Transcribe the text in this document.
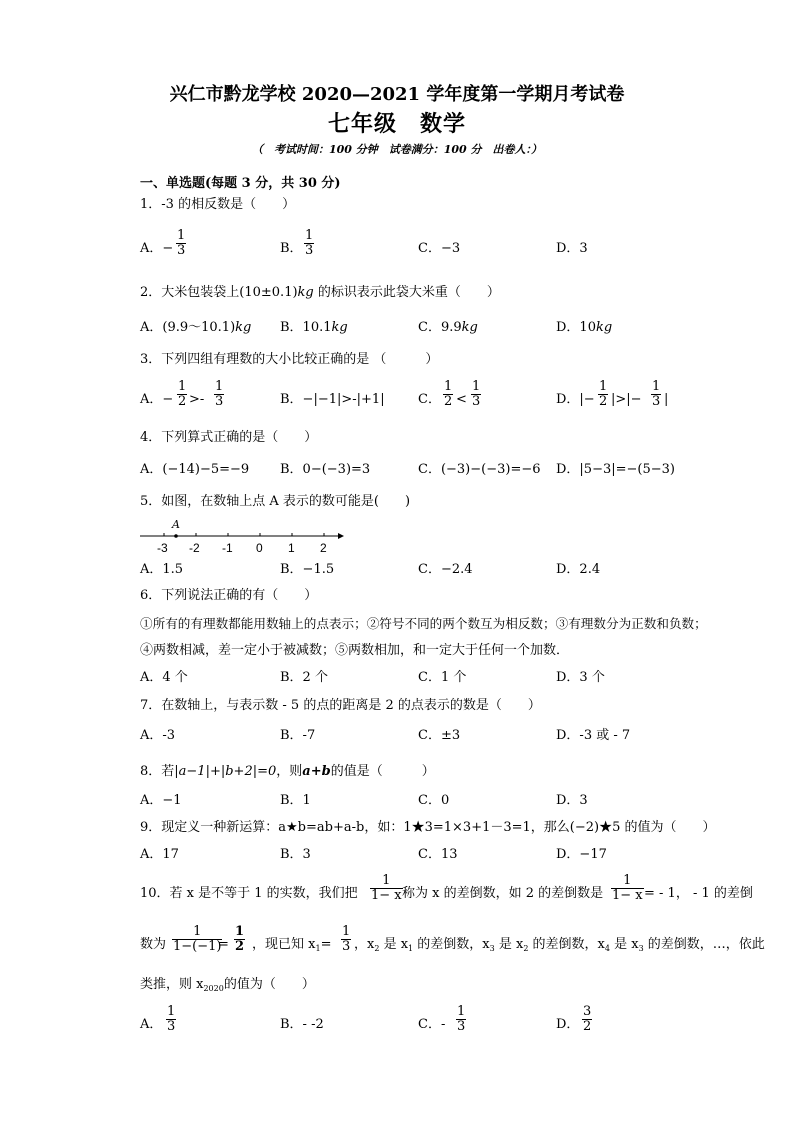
兴仁市黔龙学校 2020—2021 学年度第一学期月考试卷
七年级　数学
（　考试时间：100 分钟　试卷满分：100 分　出卷人：）
一、单选题(每题 3 分，共 30 分)
1．-3 的相反数是（　　）
A．−
1
3	B．
1
3	C．−3	D．3
2．大米包装袋上(10±0.1)kg 的标识表示此袋大米重（　　）
A．(9.9～10.1)kg B．10.1kg	C．9.9kg	D．10kg
3．下列四组有理数的大小比较正确的是 （　　　）
A．−
1
2 >-
1
3	B．−|−1|>-|+1|	C．
1
2 <
1
3	D．|−
1
2 |>|−
1
3 |
4．下列算式正确的是（　　）
A．(−14)−5=−9 B．0−(−3)=3	C．(−3)−(−3)=−6 D．|5−3|=−(5−3)
5．如图，在数轴上点 A 表示的数可能是(　　)
A
-3 -2 -1 0 1 2
A．1.5	B．−1.5	C．−2.4	D．2.4
6．下列说法正确的有（　　）
①所有的有理数都能用数轴上的点表示；②符号不同的两个数互为相反数；③有理数分为正数和负数；
④两数相减，差一定小于被减数；⑤两数相加，和一定大于任何一个加数．
A．4 个	B．2 个	C．1 个	D．3 个
7．在数轴上，与表示数 - 5 的点的距离是 2 的点表示的数是（　　）
A．-3	B．-7	C．±3	D．-3 或 - 7
8．若|a−1|+|b+2|=0，则a+b的值是（　　　）
A．−1	B．1	C．0	D．3
9．现定义一种新运算：a★b=ab+a-b，如：1★3=1×3+1－3=1，那么(−2)★5 的值为（　　）
A．17	B．3	C．13	D．−17
10．若 x 是不等于 1 的实数，我们把
1
1− x 称为 x 的差倒数，如 2 的差倒数是
1
1− x = - 1， - 1 的差倒
数为
1
1−(−1)
=
1
2 ，现已知 $x_1=$
1
3 ，$x_2$ 是 $x_1$ 的差倒数，$x_3$ 是 $x_2$ 的差倒数，$x_4$ 是 $x_3$ 的差倒数，…，依此
类推，则 $x_{2020}$的值为（　　）
A．
1
3	B．- -2	C．-
1
3	D．
3
2
